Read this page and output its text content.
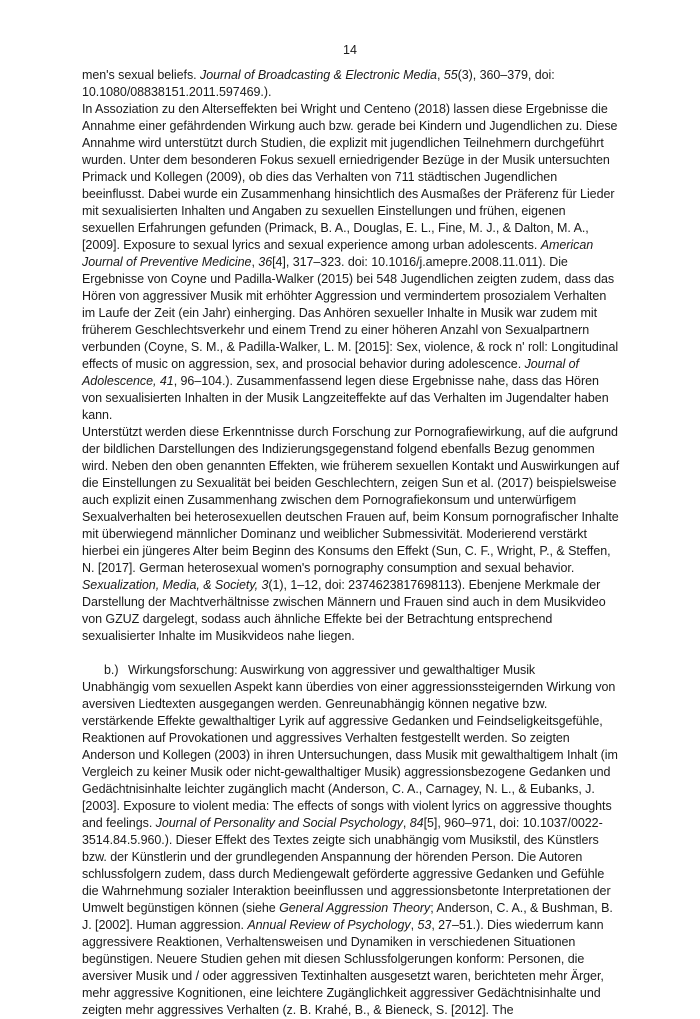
14

men's sexual beliefs. Journal of Broadcasting & Electronic Media, 55(3), 360–379, doi: 10.1080/08838151.2011.597469.).

In Assoziation zu den Alterseffekten bei Wright und Centeno (2018) lassen diese Ergebnisse die Annahme einer gefährdenden Wirkung auch bzw. gerade bei Kindern und Jugendlichen zu. Diese Annahme wird unterstützt durch Studien, die explizit mit jugendlichen Teilnehmern durchgeführt wurden. Unter dem besonderen Fokus sexuell erniedrigender Bezüge in der Musik untersuchten Primack und Kollegen (2009), ob dies das Verhalten von 711 städtischen Jugendlichen beeinflusst. Dabei wurde ein Zusammenhang hinsichtlich des Ausmaßes der Präferenz für Lieder mit sexualisierten Inhalten und Angaben zu sexuellen Einstellungen und frühen, eigenen sexuellen Erfahrungen gefunden (Primack, B. A., Douglas, E. L., Fine, M. J., & Dalton, M. A., [2009]. Exposure to sexual lyrics and sexual experience among urban adolescents. American Journal of Preventive Medicine, 36[4], 317–323. doi: 10.1016/j.amepre.2008.11.011). Die Ergebnisse von Coyne und Padilla-Walker (2015) bei 548 Jugendlichen zeigten zudem, dass das Hören von aggressiver Musik mit erhöhter Aggression und vermindertem prosozialem Verhalten im Laufe der Zeit (ein Jahr) einherging. Das Anhören sexueller Inhalte in Musik war zudem mit früherem Geschlechtsverkehr und einem Trend zu einer höheren Anzahl von Sexualpartnern verbunden (Coyne, S. M., & Padilla-Walker, L. M. [2015]: Sex, violence, & rock n' roll: Longitudinal effects of music on aggression, sex, and prosocial behavior during adolescence. Journal of Adolescence, 41, 96–104.). Zusammenfassend legen diese Ergebnisse nahe, dass das Hören von sexualisierten Inhalten in der Musik Langzeiteffekte auf das Verhalten im Jugendalter haben kann.

Unterstützt werden diese Erkenntnisse durch Forschung zur Pornografiewirkung, auf die aufgrund der bildlichen Darstellungen des Indizierungsgegenstand folgend ebenfalls Bezug genommen wird. Neben den oben genannten Effekten, wie früherem sexuellen Kontakt und Auswirkungen auf die Einstellungen zu Sexualität bei beiden Geschlechtern, zeigen Sun et al. (2017) beispielsweise auch explizit einen Zusammenhang zwischen dem Pornografiekonsum und unterwürfigem Sexualverhalten bei heterosexuellen deutschen Frauen auf, beim Konsum pornografischer Inhalte mit überwiegend männlicher Dominanz und weiblicher Submessivität. Moderierend verstärkt hierbei ein jüngeres Alter beim Beginn des Konsums den Effekt (Sun, C. F., Wright, P., & Steffen, N. [2017]. German heterosexual women's pornography consumption and sexual behavior. Sexualization, Media, & Society, 3(1), 1–12, doi: 2374623817698113). Ebenjene Merkmale der Darstellung der Machtverhältnisse zwischen Männern und Frauen sind auch in dem Musikvideo von GZUZ dargelegt, sodass auch ähnliche Effekte bei der Betrachtung entsprechend sexualisierter Inhalte im Musikvideos nahe liegen.

b.) Wirkungsforschung: Auswirkung von aggressiver und gewalthaltiger Musik

Unabhängig vom sexuellen Aspekt kann überdies von einer aggressionssteigernden Wirkung von aversiven Liedtexten ausgegangen werden. Genreunabhängig können negative bzw. verstärkende Effekte gewalthaltiger Lyrik auf aggressive Gedanken und Feindseligkeitsgefühle, Reaktionen auf Provokationen und aggressives Verhalten festgestellt werden. So zeigten Anderson und Kollegen (2003) in ihren Untersuchungen, dass Musik mit gewalthaltigem Inhalt (im Vergleich zu keiner Musik oder nicht-gewalthaltiger Musik) aggressionsbezogene Gedanken und Gedächtnisinhalte leichter zugänglich macht (Anderson, C. A., Carnagey, N. L., & Eubanks, J. [2003]. Exposure to violent media: The effects of songs with violent lyrics on aggressive thoughts and feelings. Journal of Personality and Social Psychology, 84[5], 960–971, doi: 10.1037/0022-3514.84.5.960.). Dieser Effekt des Textes zeigte sich unabhängig vom Musikstil, des Künstlers bzw. der Künstlerin und der grundlegenden Anspannung der hörenden Person. Die Autoren schlussfolgern zudem, dass durch Mediengewalt geförderte aggressive Gedanken und Gefühle die Wahrnehmung sozialer Interaktion beeinflussen und aggressionsbetonte Interpretationen der Umwelt begünstigen können (siehe General Aggression Theory; Anderson, C. A., & Bushman, B. J. [2002]. Human aggression. Annual Review of Psychology, 53, 27–51.). Dies wiederrum kann aggressivere Reaktionen, Verhaltensweisen und Dynamiken in verschiedenen Situationen begünstigen. Neuere Studien gehen mit diesen Schlussfolgerungen konform: Personen, die aversiver Musik und / oder aggressiven Textinhalten ausgesetzt waren, berichteten mehr Ärger, mehr aggressive Kognitionen, eine leichtere Zugänglichkeit aggressiver Gedächtnisinhalte und zeigten mehr aggressives Verhalten (z. B. Krahé, B., & Bieneck, S. [2012]. The
